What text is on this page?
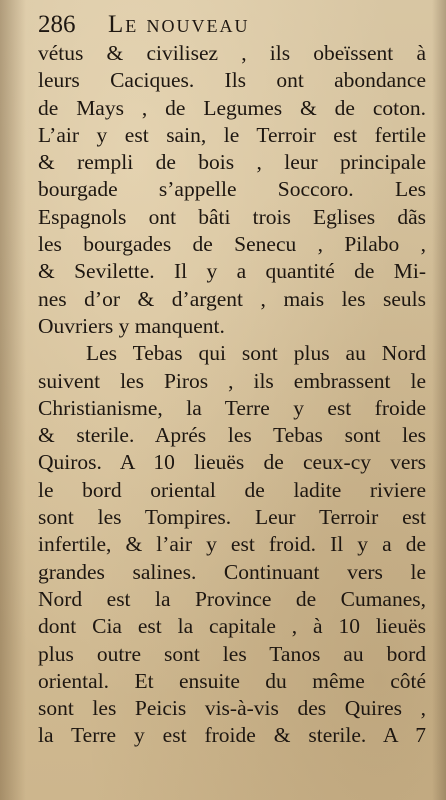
286 Le nouveau
vétus & civilisez , ils obeïssent à
leurs Caciques. Ils ont abondance
de Mays , de Legumes & de coton.
L’air y est sain, le Terroir est fertile
& rempli de bois , leur principale
bourgade s’appelle Soccoro. Les
Espagnols ont bâti trois Eglises dãs
les bourgades de Senecu , Pilabo ,
& Sevilette. Il y a quantité de Mi-
nes d’or & d’argent , mais les seuls
Ouvriers y manquent.
Les Tebas qui sont plus au Nord
suivent les Piros , ils embrassent le
Christianisme, la Terre y est froide
& sterile. Aprés les Tebas sont les
Quiros. A 10 lieuës de ceux-cy vers
le bord oriental de ladite riviere
sont les Tompires. Leur Terroir est
infertile, & l’air y est froid. Il y a de
grandes salines. Continuant vers le
Nord est la Province de Cumanes,
dont Cia est la capitale , à 10 lieuës
plus outre sont les Tanos au bord
oriental. Et ensuite du même côté
sont les Peicis vis-à-vis des Quires ,
la Terre y est froide & sterile. A 7
